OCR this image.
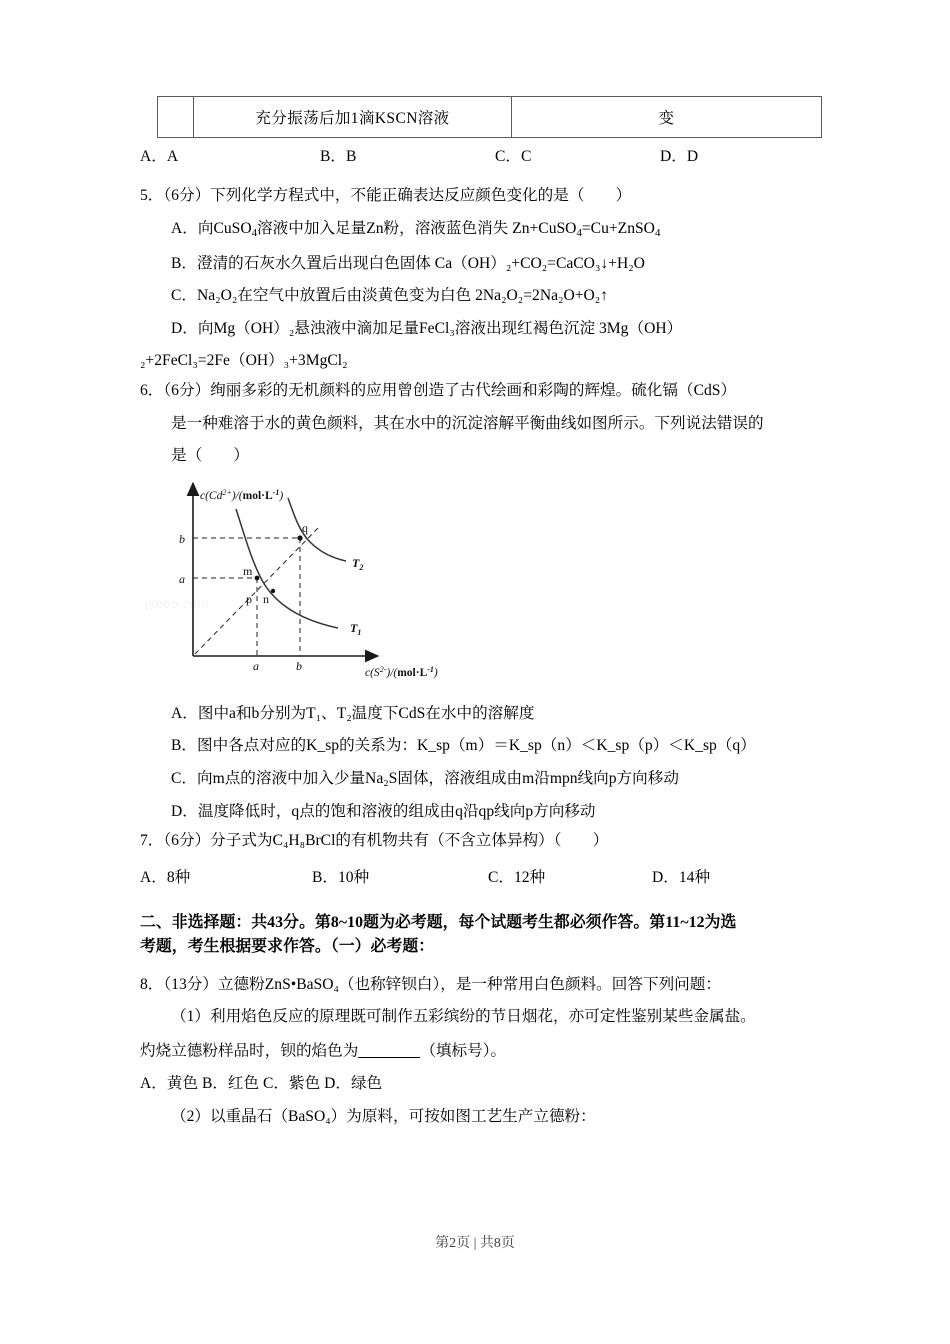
	充分振荡后加1滴KSCN溶液	变
A．A	B．B	C．C	D．D
5．（6分）下列化学方程式中，不能正确表达反应颜色变化的是（　　）
A．向CuSO$_4$溶液中加入足量Zn粉，溶液蓝色消失 Zn+CuSO$_4$=Cu+ZnSO$_4$
B．澄清的石灰水久置后出现白色固体 Ca（OH）₂+CO₂=CaCO₃↓+H₂O
C．Na₂O₂在空气中放置后由淡黄色变为白色 2Na₂O₂=2Na₂O+O₂↑
D．向Mg（OH）₂悬浊液中滴加足量FeCl₃溶液出现红褐色沉淀 3Mg（OH）
₂+2FeCl₃=2Fe（OH）₃+3MgCl₂
6．（6分）绚丽多彩的无机颜料的应用曾创造了古代绘画和彩陶的辉煌。硫化镉（CdS）
是一种难溶于水的黄色颜料，其在水中的沉淀溶解平衡曲线如图所示。下列说法错误的
是（　　）
jyeoo.com
$c(Cd^{2+})/(mol\cdot L^{-1})$
$c(S^{2-})/(mol\cdot L^{-1})$
$T_2$
$T_1$
m
p n
q
b
a
a	b
A．图中a和b分别为T₁、T₂温度下CdS在水中的溶解度
B．图中各点对应的K_sp的关系为：K_sp（m）＝K_sp（n）＜K_sp（p）＜K_sp（q）
C．向m点的溶液中加入少量Na₂S固体，溶液组成由m沿mpn线向p方向移动
D．温度降低时，q点的饱和溶液的组成由q沿qp线向p方向移动
7．（6分）分子式为C₄H₈BrCl的有机物共有（不含立体异构）（　　）
A．8种	B．10种	C．12种	D．14种
二、非选择题：共43分。第8~10题为必考题，每个试题考生都必须作答。第11~12为选
考题，考生根据要求作答。（一）必考题：
8．（13分）立德粉ZnS•BaSO₄（也称锌钡白），是一种常用白色颜料。回答下列问题：
（1）利用焰色反应的原理既可制作五彩缤纷的节日烟花，亦可定性鉴别某些金属盐。
灼烧立德粉样品时，钡的焰色为	（填标号）。
A．黄色 B．红色 C．紫色 D．绿色
（2）以重晶石（BaSO₄）为原料，可按如图工艺生产立德粉：
第2页 | 共8页
